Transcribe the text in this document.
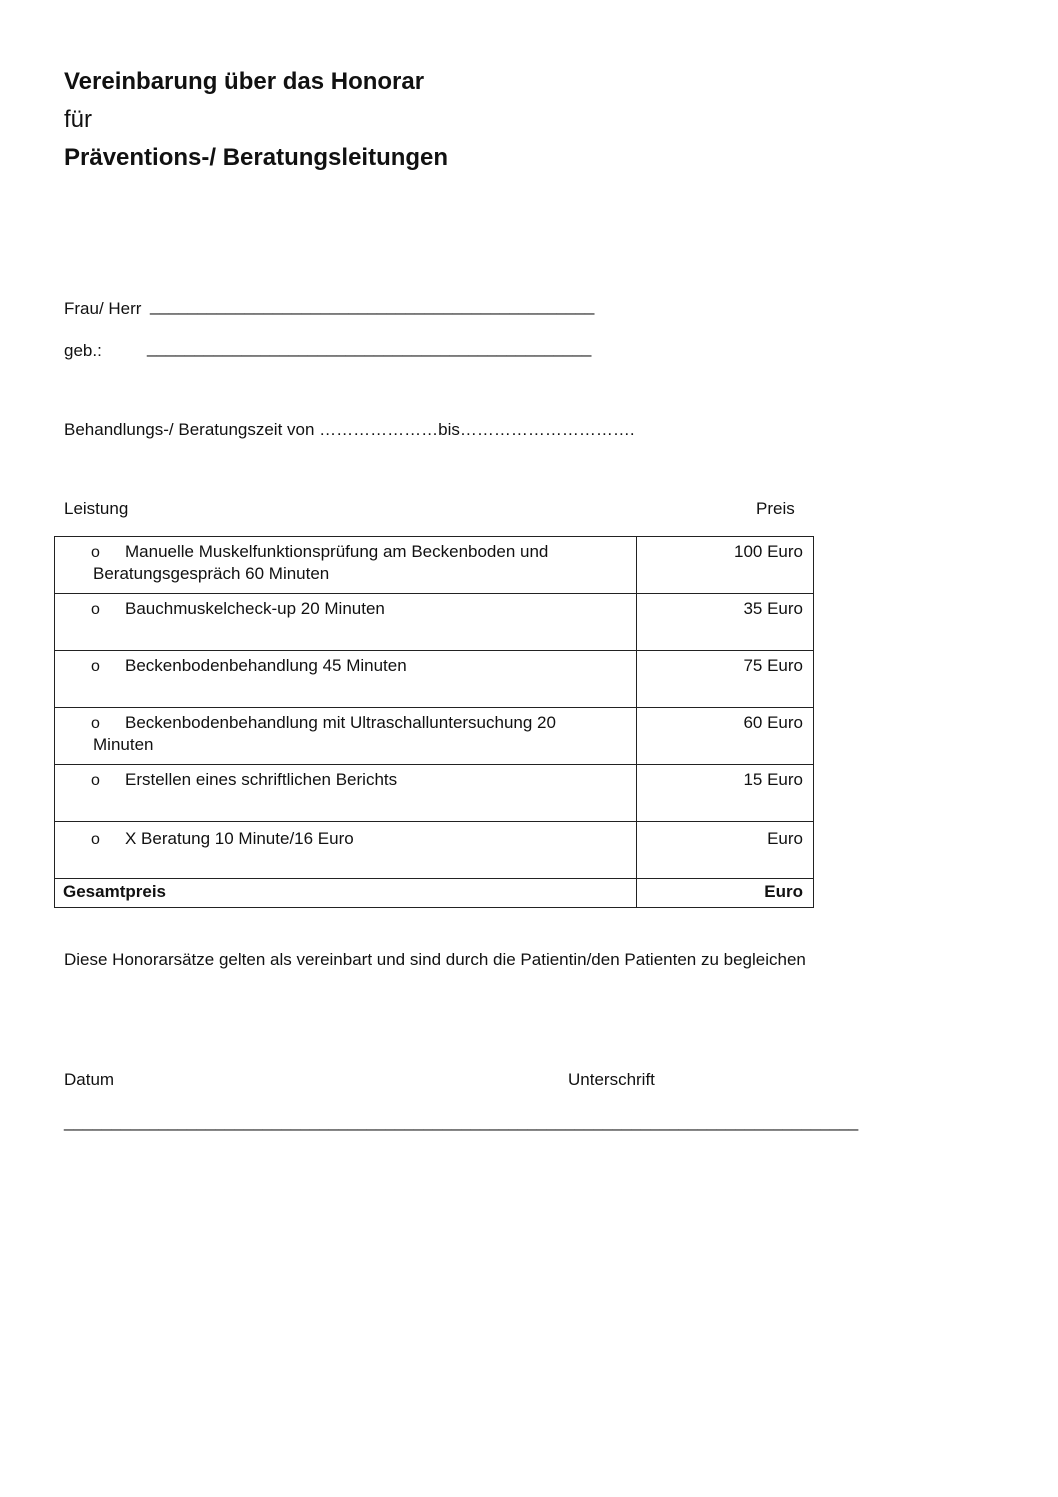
Vereinbarung über das Honorar
für
Präventions-/ Beratungsleitungen
Frau/ Herr _______________________________________________
geb.:	_______________________________________________
Behandlungs-/ Beratungszeit von …………………bis………………………….
Leistung	Preis
o Manuelle Muskelfunktionsprüfung am Beckenboden und
Beratungsgespräch 60 Minuten	100 Euro
o Bauchmuskelcheck-up 20 Minuten	35 Euro
o Beckenbodenbehandlung 45 Minuten	75 Euro
o Beckenbodenbehandlung mit Ultraschalluntersuchung 20
Minuten	60 Euro
o Erstellen eines schriftlichen Berichts	15 Euro
o X Beratung 10 Minute/16 Euro	Euro
Gesamtpreis	Euro
Diese Honorarsätze gelten als vereinbart und sind durch die Patientin/den Patienten zu begleichen
Datum	Unterschrift
____________________________________________________________________________________
